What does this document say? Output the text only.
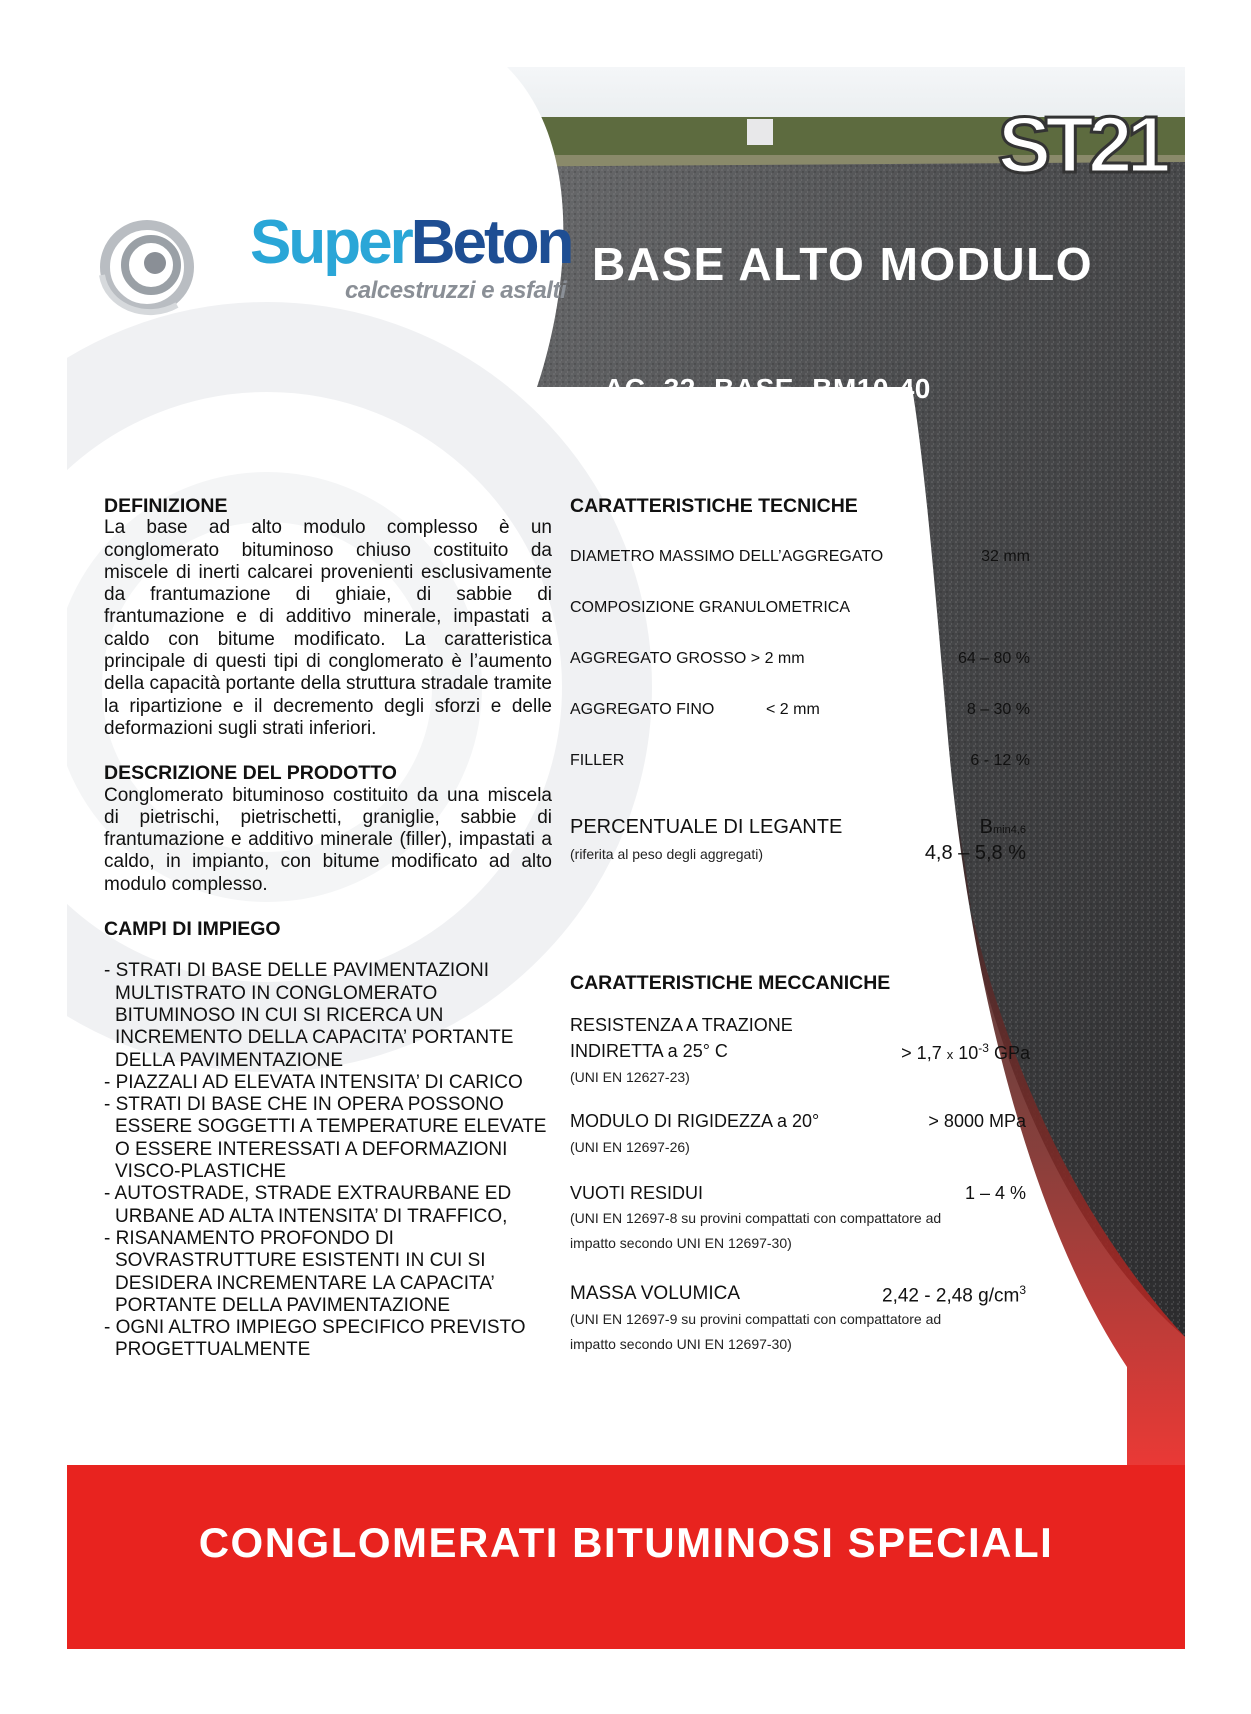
SuperBeton
calcestruzzi e asfalti
ST21
BASE ALTO MODULO
AC 32 BASE BM10-40
DEFINIZIONE

La base ad alto modulo complesso è un conglomerato bituminoso chiuso costituito da miscele di inerti calcarei provenienti esclusivamente da frantumazione di ghiaie, di sabbie di frantumazione e di additivo minerale, impastati a caldo con bitume modificato. La caratteristica principale di questi tipi di conglomerato è l’aumento della capacità portante della struttura stradale tramite la ripartizione e il decremento degli sforzi e delle deformazioni sugli strati inferiori.

DESCRIZIONE DEL PRODOTTO

Conglomerato bituminoso costituito da una miscela di pietrischi, pietrischetti, graniglie, sabbie di frantumazione e additivo minerale (filler), impastati a caldo, in impianto, con bitume modificato ad alto modulo complesso.

CAMPI DI IMPIEGO
- STRATI DI BASE DELLE PAVIMENTAZIONI MULTISTRATO IN CONGLOMERATO BITUMINOSO IN CUI SI RICERCA UN INCREMENTO DELLA CAPACITA’ PORTANTE DELLA PAVIMENTAZIONE
- PIAZZALI AD ELEVATA INTENSITA’ DI CARICO
- STRATI DI BASE CHE IN OPERA POSSONO ESSERE SOGGETTI A TEMPERATURE ELEVATE O ESSERE INTERESSATI A DEFORMAZIONI VISCO-PLASTICHE
- AUTOSTRADE, STRADE EXTRAURBANE ED URBANE AD ALTA INTENSITA’ DI TRAFFICO,
- RISANAMENTO PROFONDO DI SOVRASTRUTTURE ESISTENTI IN CUI SI DESIDERA INCREMENTARE LA CAPACITA’ PORTANTE DELLA PAVIMENTAZIONE
- OGNI ALTRO IMPIEGO SPECIFICO PREVISTO PROGETTUALMENTE
CARATTERISTICHE TECNICHE
DIAMETRO MASSIMO DELL’AGGREGATO	32 mm
COMPOSIZIONE GRANULOMETRICA
AGGREGATO GROSSO > 2 mm	64 – 80 %
AGGREGATO FINO	< 2 mm	8 – 30 %
FILLER	6 - 12 %
PERCENTUALE DI LEGANTE	Bmin4,6
(riferita al peso degli aggregati)	4,8 – 5,8 %
CARATTERISTICHE MECCANICHE
RESISTENZA A TRAZIONE
INDIRETTA a 25° C	> 1,7 x $10^{-3}$ GPa
(UNI EN 12627-23)
MODULO DI RIGIDEZZA a 20°	> 8000 MPa
(UNI EN 12697-26)
VUOTI RESIDUI	1 – 4 %
(UNI EN 12697-8 su provini compattati con compattatore ad
impatto secondo UNI EN 12697-30)
MASSA VOLUMICA	2,42 - 2,48 $g/cm^3$
(UNI EN 12697-9 su provini compattati con compattatore ad
impatto secondo UNI EN 12697-30)
CONGLOMERATI BITUMINOSI SPECIALI
